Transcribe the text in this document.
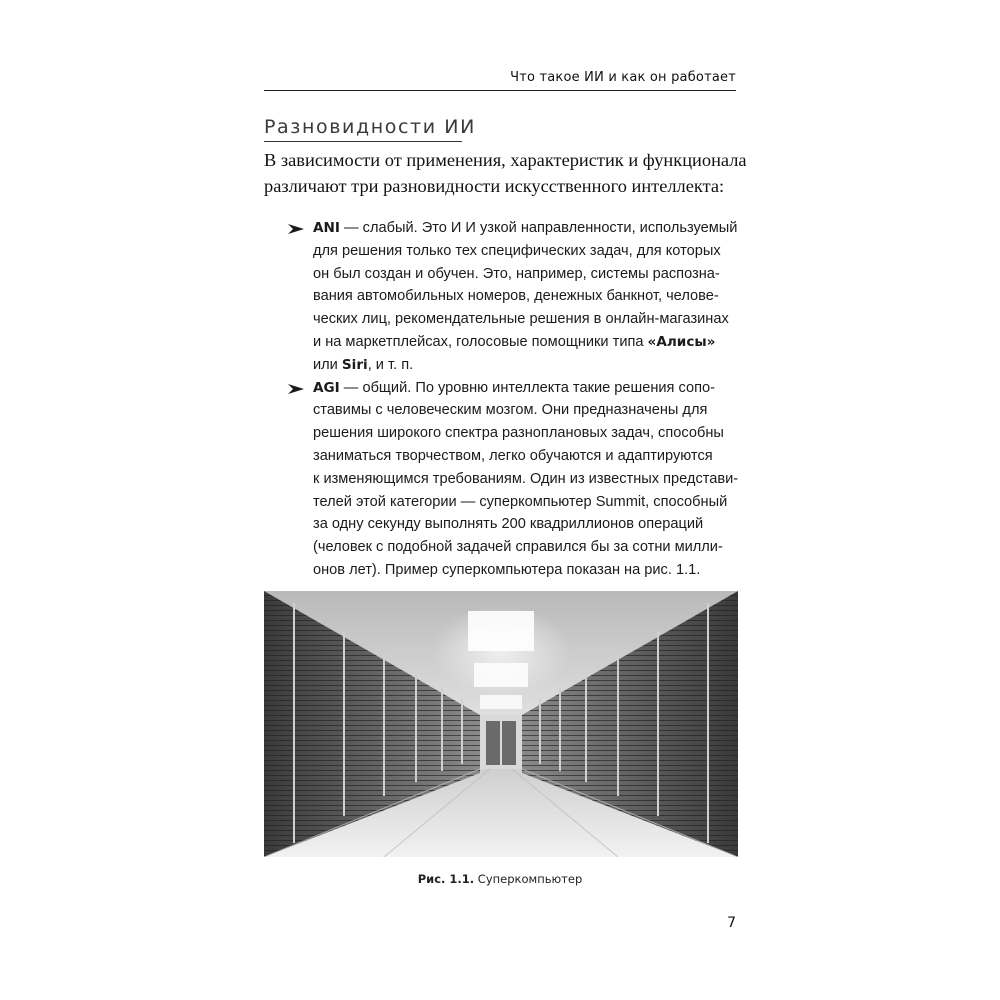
Что такое ИИ и как он работает
Разновидности ИИ
В зависимости от применения, характеристик и функционала
различают три разновидности искусственного интеллекта:
ANI — слабый. Это И И узкой направленности, используемый
для решения только тех специфических задач, для которых
он был создан и обучен. Это, например, системы распозна-
вания автомобильных номеров, денежных банкнот, челове-
ческих лиц, рекомендательные решения в онлайн-магазинах
и на маркетплейсах, голосовые помощники типа «Алисы»
или Siri, и т. п.
AGI — общий. По уровню интеллекта такие решения сопо-
ставимы с человеческим мозгом. Они предназначены для
решения широкого спектра разноплановых задач, способны
заниматься творчеством, легко обучаются и адаптируются
к изменяющимся требованиям. Один из известных представи-
телей этой категории — суперкомпьютер Summit, способный
за одну секунду выполнять 200 квадриллионов операций
(человек с подобной задачей справился бы за сотни милли-
онов лет). Пример суперкомпьютера показан на рис. 1.1.
Рис. 1.1. Суперкомпьютер
7
